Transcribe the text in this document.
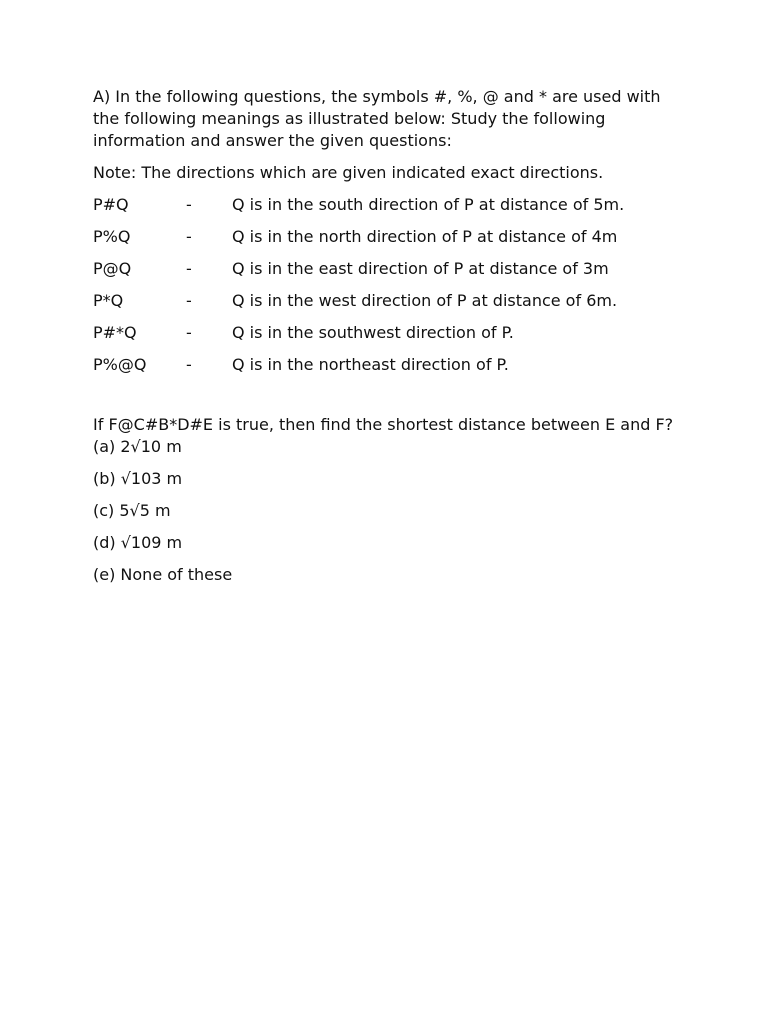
A) In the following questions, the symbols #, %, @ and * are used with
the following meanings as illustrated below: Study the following
information and answer the given questions:
Note: The directions which are given indicated exact directions.
P#Q	-	Q is in the south direction of P at distance of 5m.
P%Q	-	Q is in the north direction of P at distance of 4m
P@Q	-	Q is in the east direction of P at distance of 3m
P*Q	-	Q is in the west direction of P at distance of 6m.
P#*Q	-	Q is in the southwest direction of P.
P%@Q	-	Q is in the northeast direction of P.
If F@C#B*D#E is true, then find the shortest distance between E and F?
(a) 2√10 m
(b) √103 m
(c) 5√5 m
(d) √109 m
(e) None of these
